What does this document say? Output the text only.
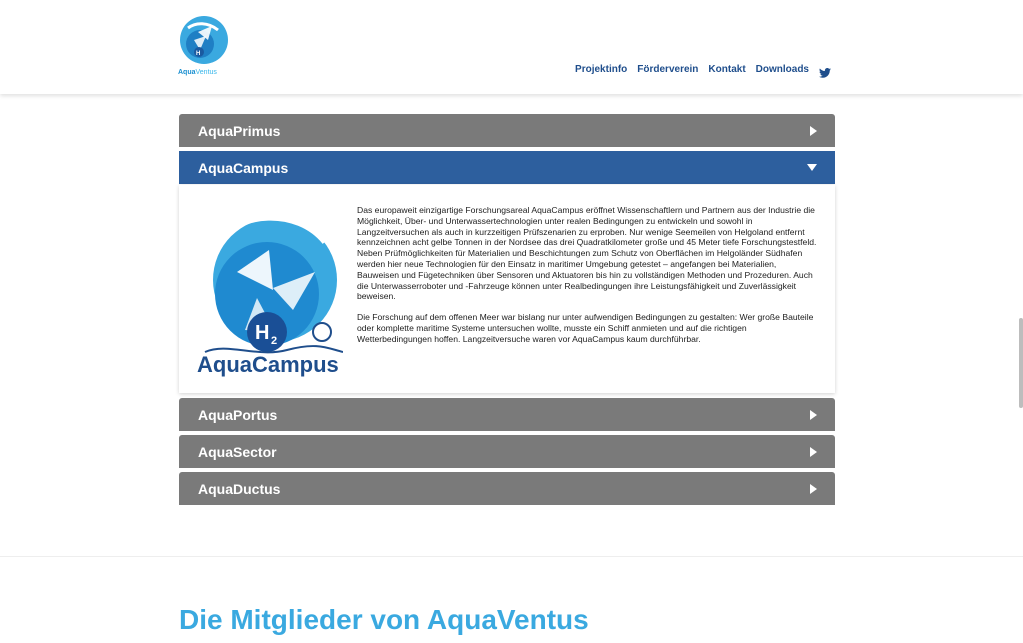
H
AquaVentus	Projektinfo Förderverein Kontakt Downloads
AquaPrimus
AquaCampus
H 2
AquaCampus

Das europaweit einzigartige Forschungsareal AquaCampus eröffnet Wissenschaftlern und Partnern aus der Industrie die Möglichkeit, Über- und Unterwassertechnologien unter realen Bedingungen zu entwickeln und sowohl in Langzeitversuchen als auch in kurzzeitigen Prüfszenarien zu erproben. Nur wenige Seemeilen von Helgoland entfernt kennzeichnen acht gelbe Tonnen in der Nordsee das drei Quadratkilometer große und 45 Meter tiefe Forschungstestfeld. Neben Prüfmöglichkeiten für Materialien und Beschichtungen zum Schutz von Oberflächen im Helgoländer Südhafen werden hier neue Technologien für den Einsatz in maritimer Umgebung getestet – angefangen bei Materialien, Bauweisen und Fügetechniken über Sensoren und Aktuatoren bis hin zu vollständigen Methoden und Prozeduren. Auch die Unterwasserroboter und -Fahrzeuge können unter Realbedingungen ihre Leistungsfähigkeit und Zuverlässigkeit beweisen.

Die Forschung auf dem offenen Meer war bislang nur unter aufwendigen Bedingungen zu gestalten: Wer große Bauteile oder komplette maritime Systeme untersuchen wollte, musste ein Schiff anmieten und auf die richtigen Wetterbedingungen hoffen. Langzeitversuche waren vor AquaCampus kaum durchführbar.

AquaPortus
AquaSector
AquaDuctus
Die Mitglieder von AquaVentus
